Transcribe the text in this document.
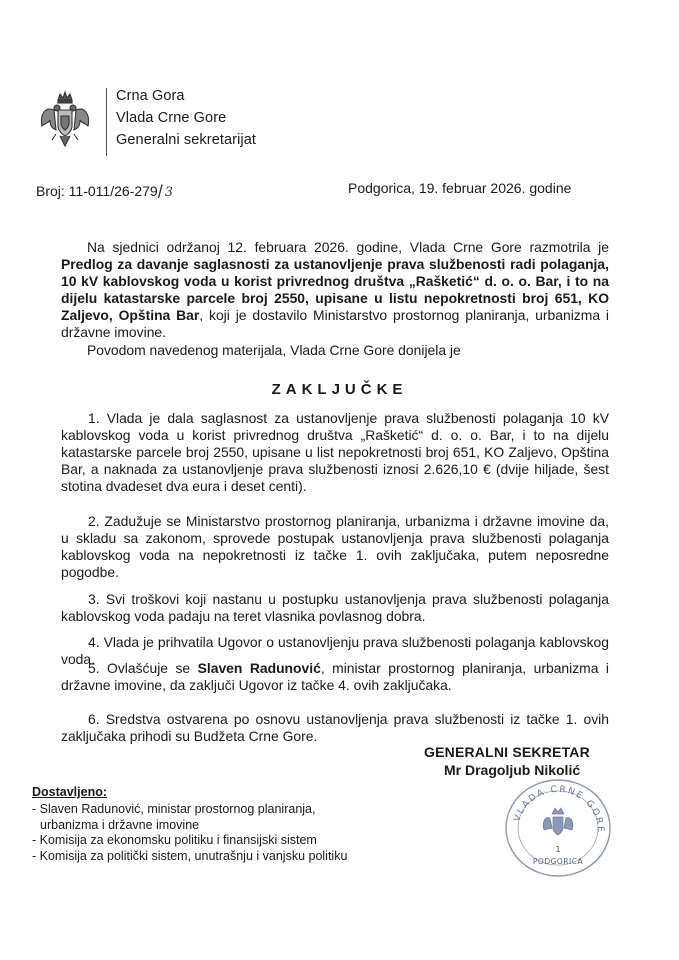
Crna Gora
Vlada Crne Gore
Generalni sekretarijat
Broj: 11-011/26-279/ 3	Podgorica, 19. februar 2026. godine
Na sjednici održanoj 12. februara 2026. godine, Vlada Crne Gore razmotrila je Predlog za davanje saglasnosti za ustanovljenje prava službenosti radi polaganja, 10 kV kablovskog voda u korist privrednog društva „Rašketić“ d. o. o. Bar, i to na dijelu katastarske parcele broj 2550, upisane u listu nepokretnosti broj 651, KO Zaljevo, Opština Bar, koji je dostavilo Ministarstvo prostornog planiranja, urbanizma i državne imovine.
Povodom navedenog materijala, Vlada Crne Gore donijela je
ZAKLJUČKE
1. Vlada je dala saglasnost za ustanovljenje prava službenosti polaganja 10 kV kablovskog voda u korist privrednog društva „Rašketić“ d. o. o. Bar, i to na dijelu katastarske parcele broj 2550, upisane u list nepokretnosti broj 651, KO Zaljevo, Opština Bar, a naknada za ustanovljenje prava službenosti iznosi 2.626,10 € (dvije hiljade, šest stotina dvadeset dva eura i deset centi).
2. Zadužuje se Ministarstvo prostornog planiranja, urbanizma i državne imovine da, u skladu sa zakonom, sprovede postupak ustanovljenja prava službenosti polaganja kablovskog voda na nepokretnosti iz tačke 1. ovih zaključaka, putem neposredne pogodbe.
3. Svi troškovi koji nastanu u postupku ustanovljenja prava službenosti polaganja kablovskog voda padaju na teret vlasnika povlasnog dobra.
4. Vlada je prihvatila Ugovor o ustanovljenju prava službenosti polaganja kablovskog voda.
5. Ovlašćuje se Slaven Radunović, ministar prostornog planiranja, urbanizma i državne imovine, da zaključi Ugovor iz tačke 4. ovih zaključaka.
6. Sredstva ostvarena po osnovu ustanovljenja prava službenosti iz tačke 1. ovih zaključaka prihodi su Budžeta Crne Gore.
GENERALNI SEKRETAR
Mr Dragoljub Nikolić
VLADA CRNE GORE
1
PODGORICA
Dostavljeno:
- Slaven Radunović, ministar prostornog planiranja,
urbanizma i državne imovine
- Komisija za ekonomsku politiku i finansijski sistem
- Komisija za politički sistem, unutrašnju i vanjsku politiku
